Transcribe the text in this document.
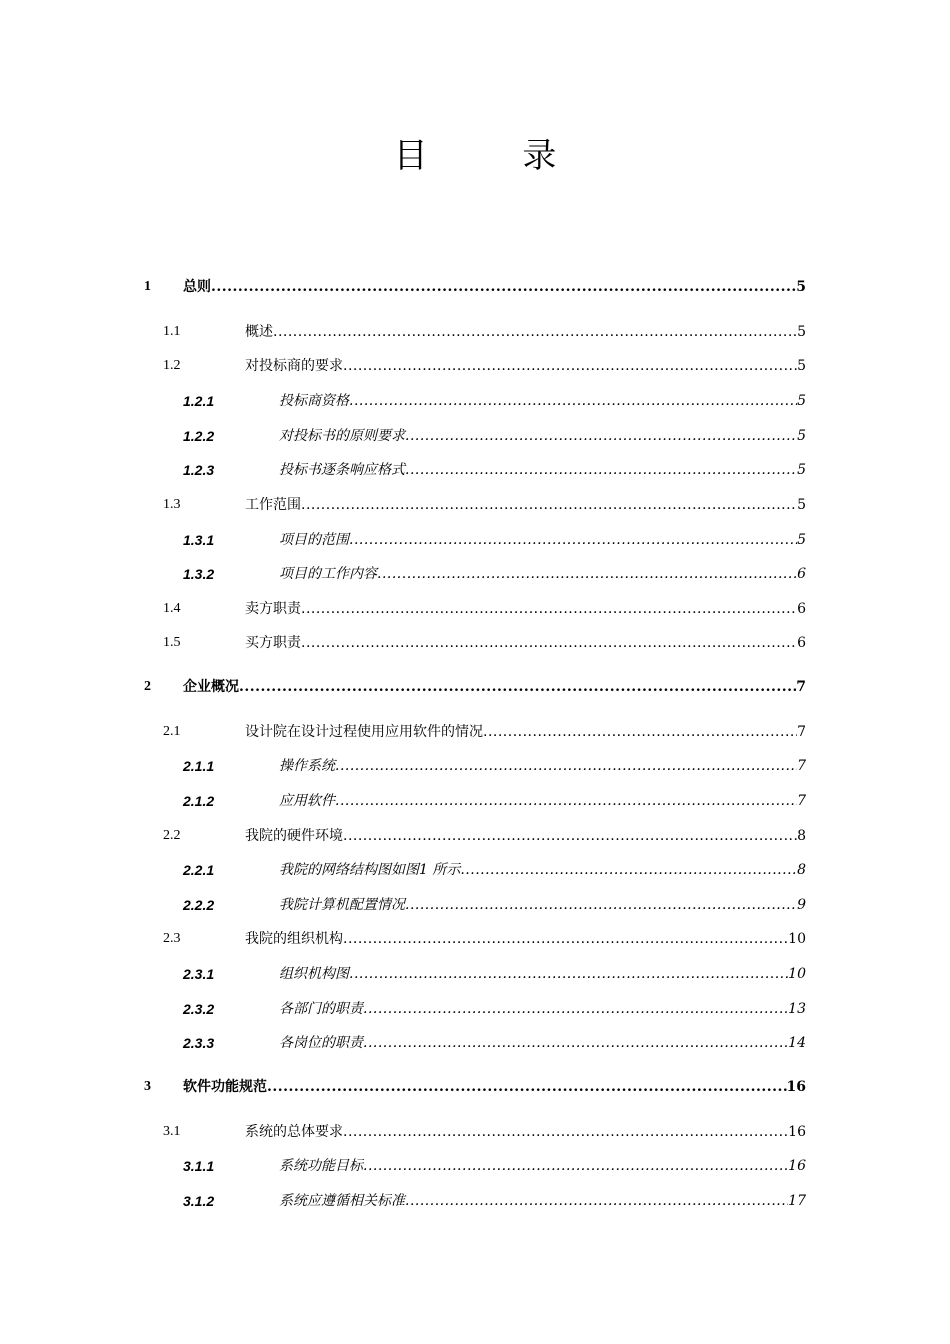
目 录
1 总则 .....	5
1.1	概述 .....	5
1.2	对投标商的要求 .....	5
1.2.1	投标商资格 .....	5
1.2.2	对投标书的原则要求 .....	5
1.2.3	投标书逐条响应格式 .....	5
1.3	工作范围 .....	5
1.3.1	项目的范围 .....	5
1.3.2	项目的工作内容 .....	6
1.4	卖方职责 .....	6
1.5	买方职责 .....	6
2 企业概况 .....	7
2.1	设计院在设计过程使用应用软件的情况 .....	7
2.1.1	操作系统 .....	7
2.1.2	应用软件 .....	7
2.2	我院的硬件环境 .....	8
2.2.1	我院的网络结构图如图1 所示 .....	8
2.2.2	我院计算机配置情况 .....	9
2.3	我院的组织机构 .....	10
2.3.1	组织机构图 .....	10
2.3.2	各部门的职责 .....	13
2.3.3	各岗位的职责 .....	14
3 软件功能规范 .....	16
3.1	系统的总体要求 .....	16
3.1.1	系统功能目标 .....	16
3.1.2	系统应遵循相关标准 .....	17
